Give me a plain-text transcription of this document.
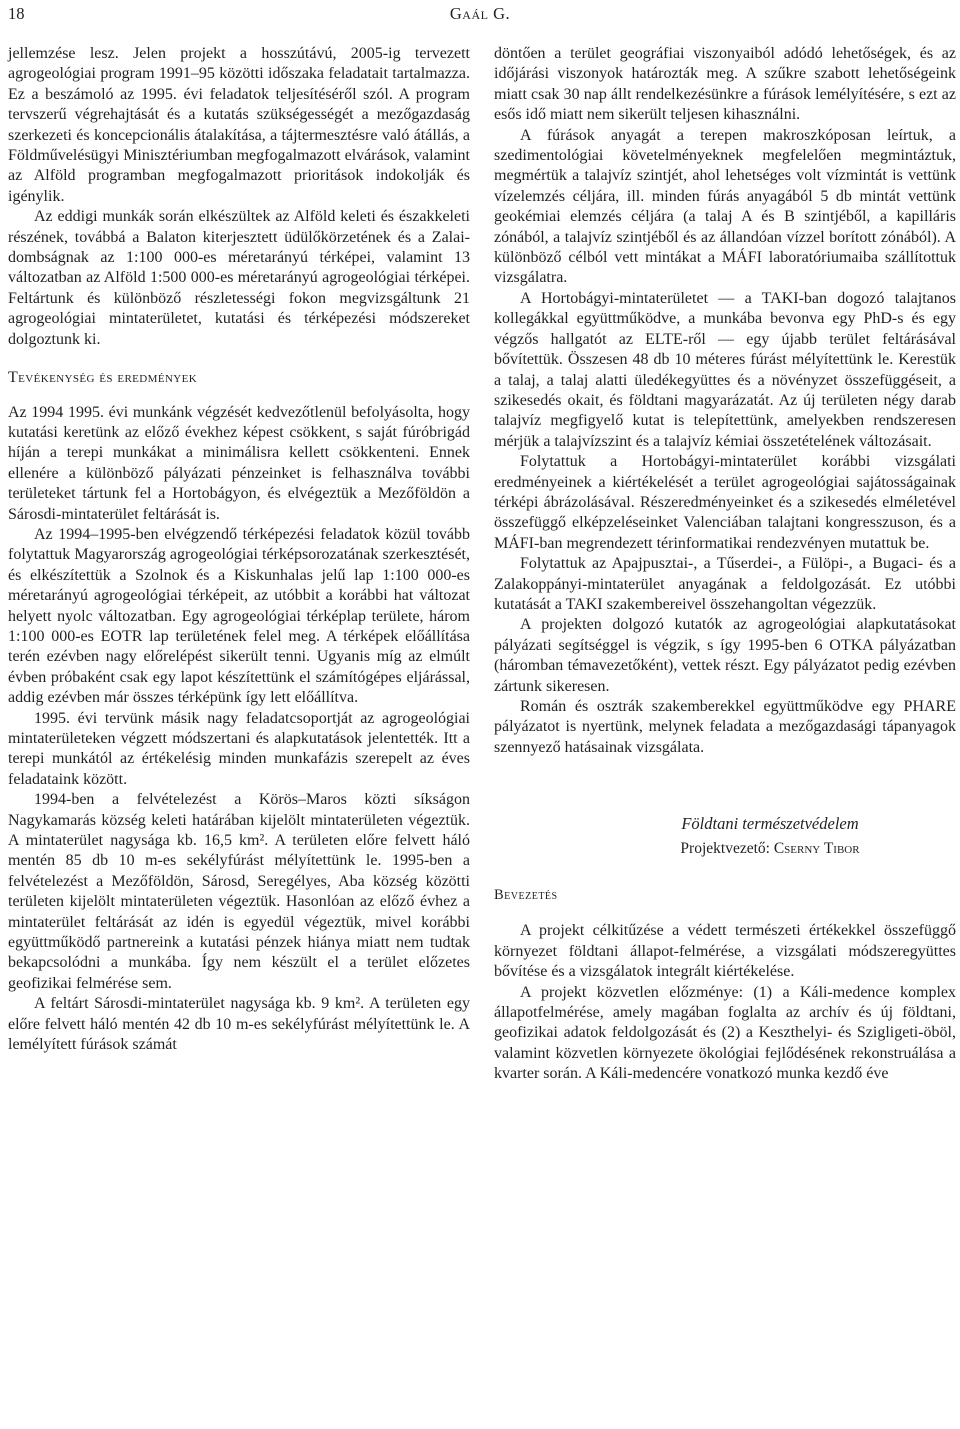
18	Gaál G.

jellemzése lesz. Jelen projekt a hosszútávú, 2005-ig tervezett agrogeológiai program 1991–95 közötti időszaka feladatait tartalmazza. Ez a beszámoló az 1995. évi feladatok teljesítéséről szól. A program tervszerű végrehajtását és a kutatás szükségességét a mezőgazdaság szerkezeti és koncepcionális átalakítása, a tájtermesztésre való átállás, a Földművelésügyi Minisztériumban megfogalmazott elvárások, valamint az Alföld programban megfogalmazott prioritások indokolják és igénylik.

Az eddigi munkák során elkészültek az Alföld keleti és északkeleti részének, továbbá a Balaton kiterjesztett üdülőkörzetének és a Zalai-dombságnak az 1:100 000-es méretarányú térképei, valamint 13 változatban az Alföld 1:500 000-es méretarányú agrogeológiai térképei. Feltártunk és különböző részletességi fokon megvizsgáltunk 21 agrogeológiai mintaterületet, kutatási és térképezési módszereket dolgoztunk ki.

Tevékenység és eredmények

Az 1994 1995. évi munkánk végzését kedvezőtlenül befolyásolta, hogy kutatási keretünk az előző évekhez képest csökkent, s saját fúróbrigád híján a terepi munkákat a minimálisra kellett csökkenteni. Ennek ellenére a különböző pályázati pénzeinket is felhasználva további területeket tártunk fel a Hortobágyon, és elvégeztük a Mezőföldön a Sárosdi-mintaterület feltárását is.

Az 1994–1995-ben elvégzendő térképezési feladatok közül tovább folytattuk Magyarország agrogeológiai térképsorozatának szerkesztését, és elkészítettük a Szolnok és a Kiskunhalas jelű lap 1:100 000-es méretarányú agrogeológiai térképeit, az utóbbit a korábbi hat változat helyett nyolc változatban. Egy agrogeológiai térképlap területe, három 1:100 000-es EOTR lap területének felel meg. A térképek előállítása terén ezévben nagy előrelépést sikerült tenni. Ugyanis míg az elmúlt évben próbaként csak egy lapot készítettünk el számítógépes eljárással, addig ezévben már összes térképünk így lett előállítva.

1995. évi tervünk másik nagy feladatcsoportját az agrogeológiai mintaterületeken végzett módszertani és alapkutatások jelentették. Itt a terepi munkától az értékelésig minden munkafázis szerepelt az éves feladataink között.

1994-ben a felvételezést a Körös–Maros közti síkságon Nagykamarás község keleti határában kijelölt mintaterületen végeztük. A mintaterület nagysága kb. 16,5 km². A területen előre felvett háló mentén 85 db 10 m-es sekélyfúrást mélyítettünk le. 1995-ben a felvételezést a Mezőföldön, Sárosd, Seregélyes, Aba község közötti területen kijelölt mintaterületen végeztük. Hasonlóan az előző évhez a mintaterület feltárását az idén is egyedül végeztük, mivel korábbi együttműködő partnereink a kutatási pénzek hiánya miatt nem tudtak bekapcsolódni a munkába. Így nem készült el a terület előzetes geofizikai felmérése sem.

A feltárt Sárosdi-mintaterület nagysága kb. 9 km². A területen egy előre felvett háló mentén 42 db 10 m-es sekélyfúrást mélyítettünk le. A lemélyített fúrások számát

döntően a terület geográfiai viszonyaiból adódó lehetőségek, és az időjárási viszonyok határozták meg. A szűkre szabott lehetőségeink miatt csak 30 nap állt rendelkezésünkre a fúrások lemélyítésére, s ezt az esős idő miatt nem sikerült teljesen kihasználni.

A fúrások anyagát a terepen makroszkóposan leírtuk, a szedimentológiai követelményeknek megfelelően megmintáztuk, megmértük a talajvíz szintjét, ahol lehetséges volt vízmintát is vettünk vízelemzés céljára, ill. minden fúrás anyagából 5 db mintát vettünk geokémiai elemzés céljára (a talaj A és B szintjéből, a kapilláris zónából, a talajvíz szintjéből és az állandóan vízzel borított zónából). A különböző célból vett mintákat a MÁFI laboratóriumaiba szállítottuk vizsgálatra.

A Hortobágyi-mintaterületet — a TAKI-ban dogozó talajtanos kollegákkal együttműködve, a munkába bevonva egy PhD-s és egy végzős hallgatót az ELTE-ről — egy újabb terület feltárásával bővítettük. Összesen 48 db 10 méteres fúrást mélyítettünk le. Kerestük a talaj, a talaj alatti üledékegyüttes és a növényzet összefüggéseit, a szikesedés okait, és földtani magyarázatát. Az új területen négy darab talajvíz megfigyelő kutat is telepítettünk, amelyekben rendszeresen mérjük a talajvízszint és a talajvíz kémiai összetételének változásait.

Folytattuk a Hortobágyi-mintaterület korábbi vizsgálati eredményeinek a kiértékelését a terület agrogeológiai sajátosságainak térképi ábrázolásával. Részeredményeinket és a szikesedés elméletével összefüggő elképzeléseinket Valenciában talajtani kongresszuson, és a MÁFI-ban megrendezett térinformatikai rendezvényen mutattuk be.

Folytattuk az Apajpusztai-, a Tűserdei-, a Fülöpi-, a Bugaci- és a Zalakoppányi-mintaterület anyagának a feldolgozását. Ez utóbbi kutatását a TAKI szakembereivel összehangoltan végezzük.

A projekten dolgozó kutatók az agrogeológiai alapkutatásokat pályázati segítséggel is végzik, s így 1995-ben 6 OTKA pályázatban (háromban témavezetőként), vettek részt. Egy pályázatot pedig ezévben zártunk sikeresen.

Román és osztrák szakemberekkel együttműködve egy PHARE pályázatot is nyertünk, melynek feladata a mezőgazdasági tápanyagok szennyező hatásainak vizsgálata.

Földtani természetvédelem
Projektvezető: Cserny Tibor
Bevezetés

A projekt célkitűzése a védett természeti értékekkel összefüggő környezet földtani állapot-felmérése, a vizsgálati módszeregyüttes bővítése és a vizsgálatok integrált kiértékelése.

A projekt közvetlen előzménye: (1) a Káli-medence komplex állapotfelmérése, amely magában foglalta az archív és új földtani, geofizikai adatok feldolgozását és (2) a Keszthelyi- és Szigligeti-öböl, valamint közvetlen környezete ökológiai fejlődésének rekonstruálása a kvarter során. A Káli-medencére vonatkozó munka kezdő éve
